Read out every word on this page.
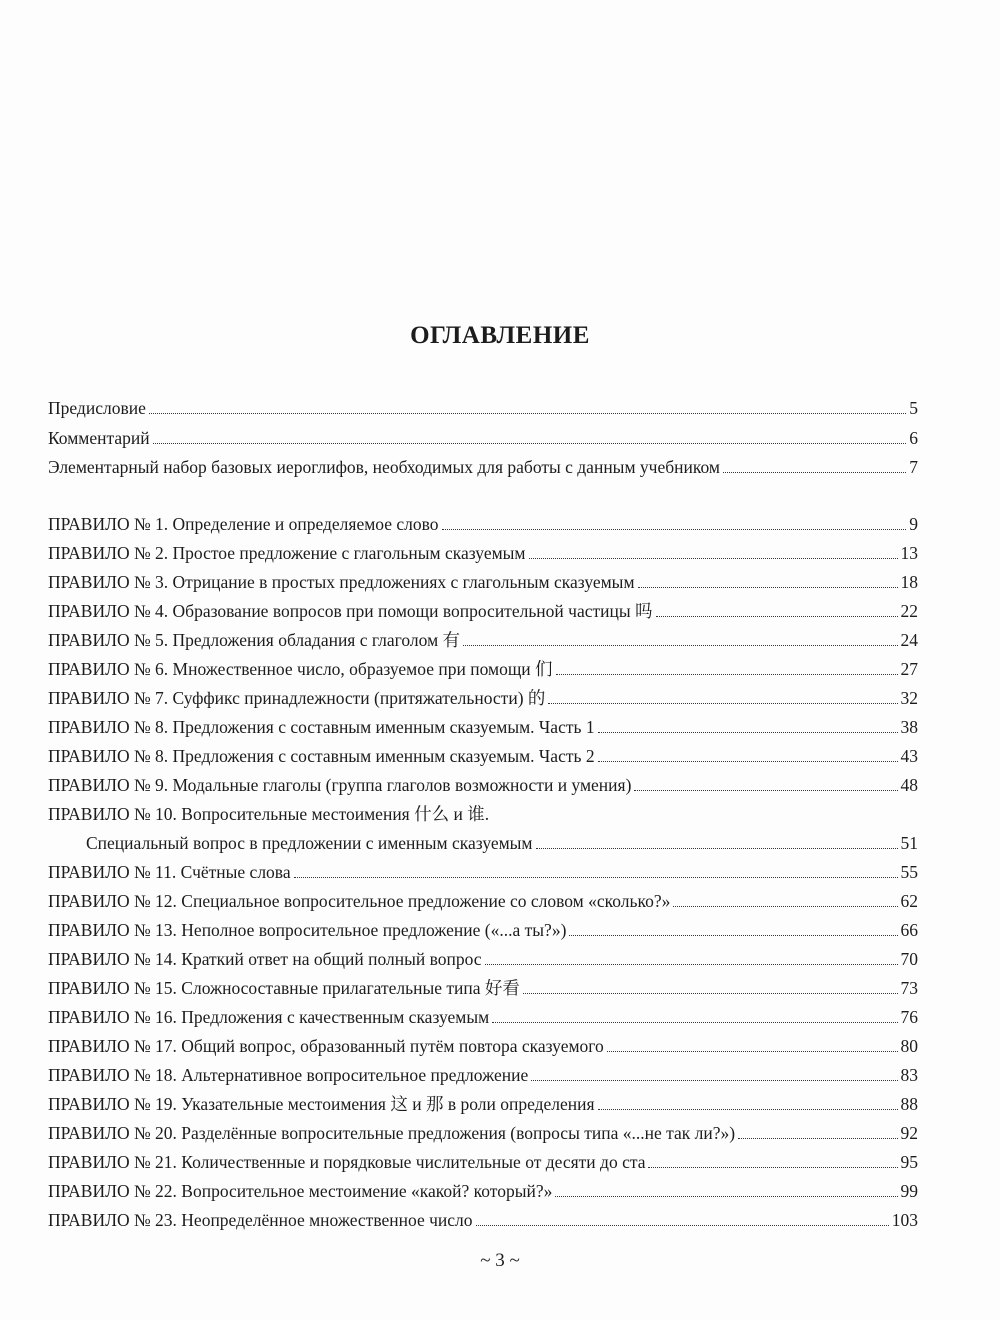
ОГЛАВЛЕНИЕ
Предисловие	5
Комментарий	6
Элементарный набор базовых иероглифов, необходимых для работы с данным учебником	7
ПРАВИЛО № 1. Определение и определяемое слово	9
ПРАВИЛО № 2. Простое предложение с глагольным сказуемым	13
ПРАВИЛО № 3. Отрицание в простых предложениях с глагольным сказуемым	18
ПРАВИЛО № 4. Образование вопросов при помощи вопросительной частицы 吗	22
ПРАВИЛО № 5. Предложения обладания с глаголом 有	24
ПРАВИЛО № 6. Множественное число, образуемое при помощи 们	27
ПРАВИЛО № 7. Суффикс принадлежности (притяжательности) 的	32
ПРАВИЛО № 8. Предложения с составным именным сказуемым. Часть 1	38
ПРАВИЛО № 8. Предложения с составным именным сказуемым. Часть 2	43
ПРАВИЛО № 9. Модальные глаголы (группа глаголов возможности и умения)	48
ПРАВИЛО № 10. Вопросительные местоимения 什么 и 谁.
Специальный вопрос в предложении с именным сказуемым	51
ПРАВИЛО № 11. Счётные слова	55
ПРАВИЛО № 12. Специальное вопросительное предложение со словом «сколько?»	62
ПРАВИЛО № 13. Неполное вопросительное предложение («...а ты?»)	66
ПРАВИЛО № 14. Краткий ответ на общий полный вопрос	70
ПРАВИЛО № 15. Сложносоставные прилагательные типа 好看	73
ПРАВИЛО № 16. Предложения с качественным сказуемым	76
ПРАВИЛО № 17. Общий вопрос, образованный путём повтора сказуемого	80
ПРАВИЛО № 18. Альтернативное вопросительное предложение	83
ПРАВИЛО № 19. Указательные местоимения 这 и 那 в роли определения	88
ПРАВИЛО № 20. Разделённые вопросительные предложения (вопросы типа «...не так ли?»)	92
ПРАВИЛО № 21. Количественные и порядковые числительные от десяти до ста	95
ПРАВИЛО № 22. Вопросительное местоимение «какой? который?»	99
ПРАВИЛО № 23. Неопределённое множественное число	103
~ 3 ~
